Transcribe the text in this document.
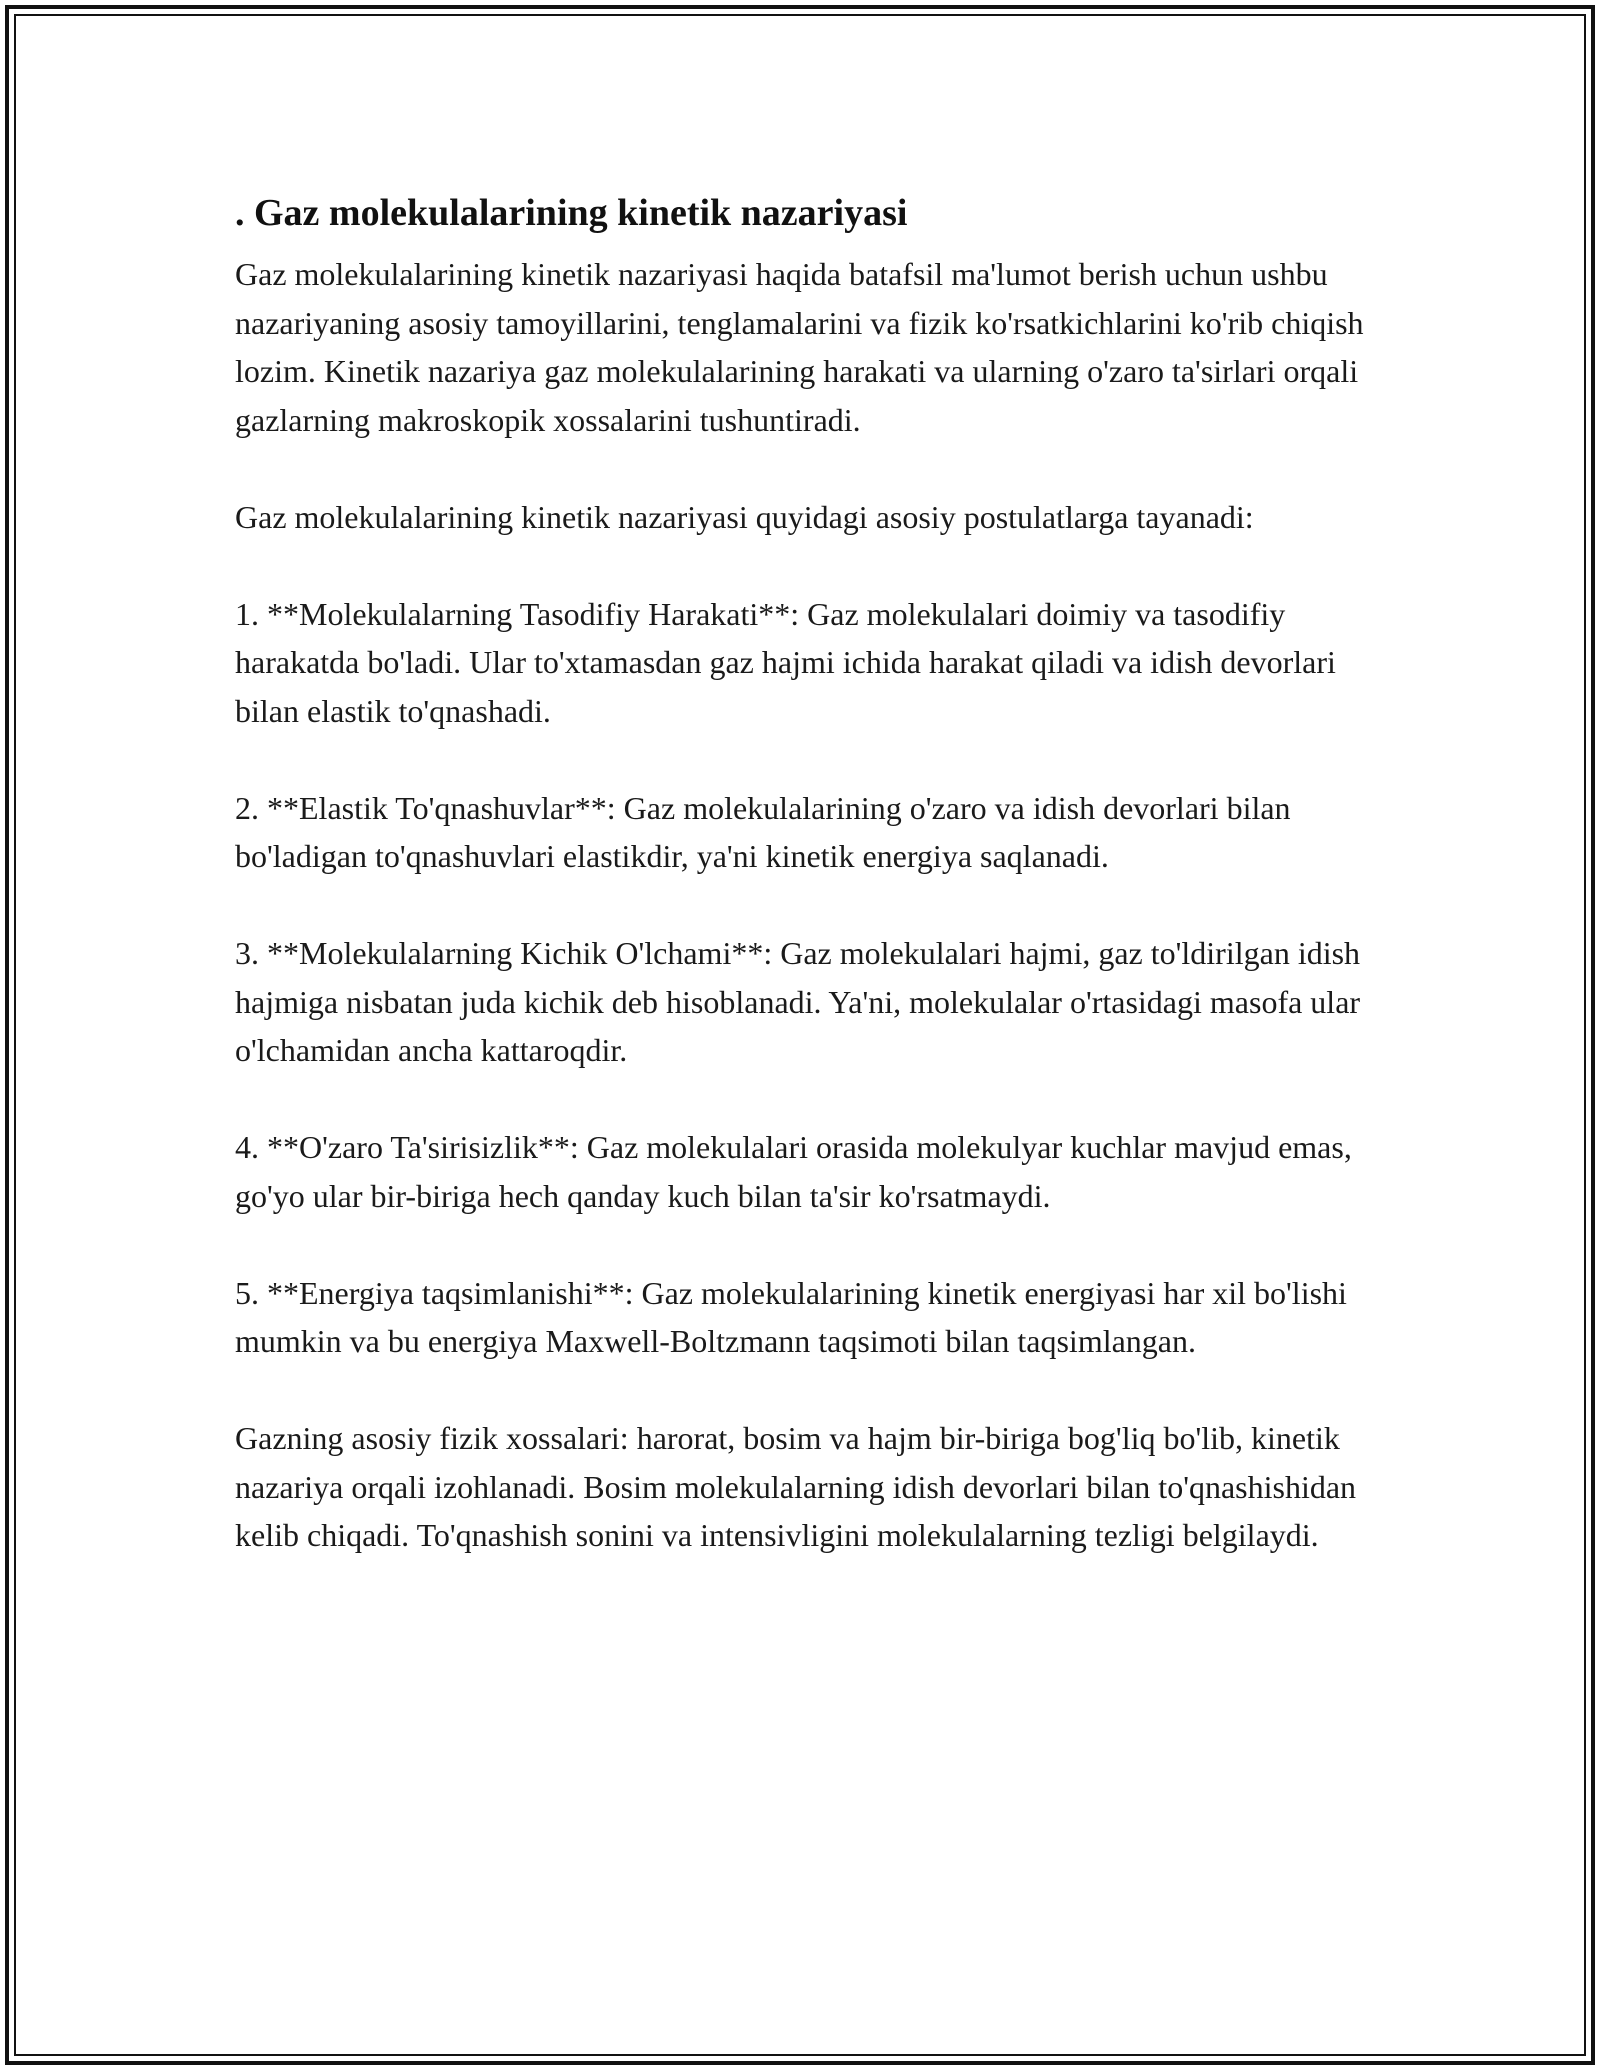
. Gaz molekulalarining kinetik nazariyasi

Gaz molekulalarining kinetik nazariyasi haqida batafsil ma'lumot berish uchun ushbu nazariyaning asosiy tamoyillarini, tenglamalarini va fizik ko'rsatkichlarini ko'rib chiqish lozim. Kinetik nazariya gaz molekulalarining harakati va ularning o'zaro ta'sirlari orqali gazlarning makroskopik xossalarini tushuntiradi.

Gaz molekulalarining kinetik nazariyasi quyidagi asosiy postulatlarga tayanadi:

1. **Molekulalarning Tasodifiy Harakati**: Gaz molekulalari doimiy va tasodifiy harakatda bo'ladi. Ular to'xtamasdan gaz hajmi ichida harakat qiladi va idish devorlari bilan elastik to'qnashadi.

2. **Elastik To'qnashuvlar**: Gaz molekulalarining o'zaro va idish devorlari bilan bo'ladigan to'qnashuvlari elastikdir, ya'ni kinetik energiya saqlanadi.

3. **Molekulalarning Kichik O'lchami**: Gaz molekulalari hajmi, gaz to'ldirilgan idish hajmiga nisbatan juda kichik deb hisoblanadi. Ya'ni, molekulalar o'rtasidagi masofa ular o'lchamidan ancha kattaroqdir.

4. **O'zaro Ta'sirisizlik**: Gaz molekulalari orasida molekulyar kuchlar mavjud emas, go'yo ular bir-biriga hech qanday kuch bilan ta'sir ko'rsatmaydi.

5. **Energiya taqsimlanishi**: Gaz molekulalarining kinetik energiyasi har xil bo'lishi mumkin va bu energiya Maxwell-Boltzmann taqsimoti bilan taqsimlangan.

Gazning asosiy fizik xossalari: harorat, bosim va hajm bir-biriga bog'liq bo'lib, kinetik nazariya orqali izohlanadi. Bosim molekulalarning idish devorlari bilan to'qnashishidan kelib chiqadi. To'qnashish sonini va intensivligini molekulalarning tezligi belgilaydi.
